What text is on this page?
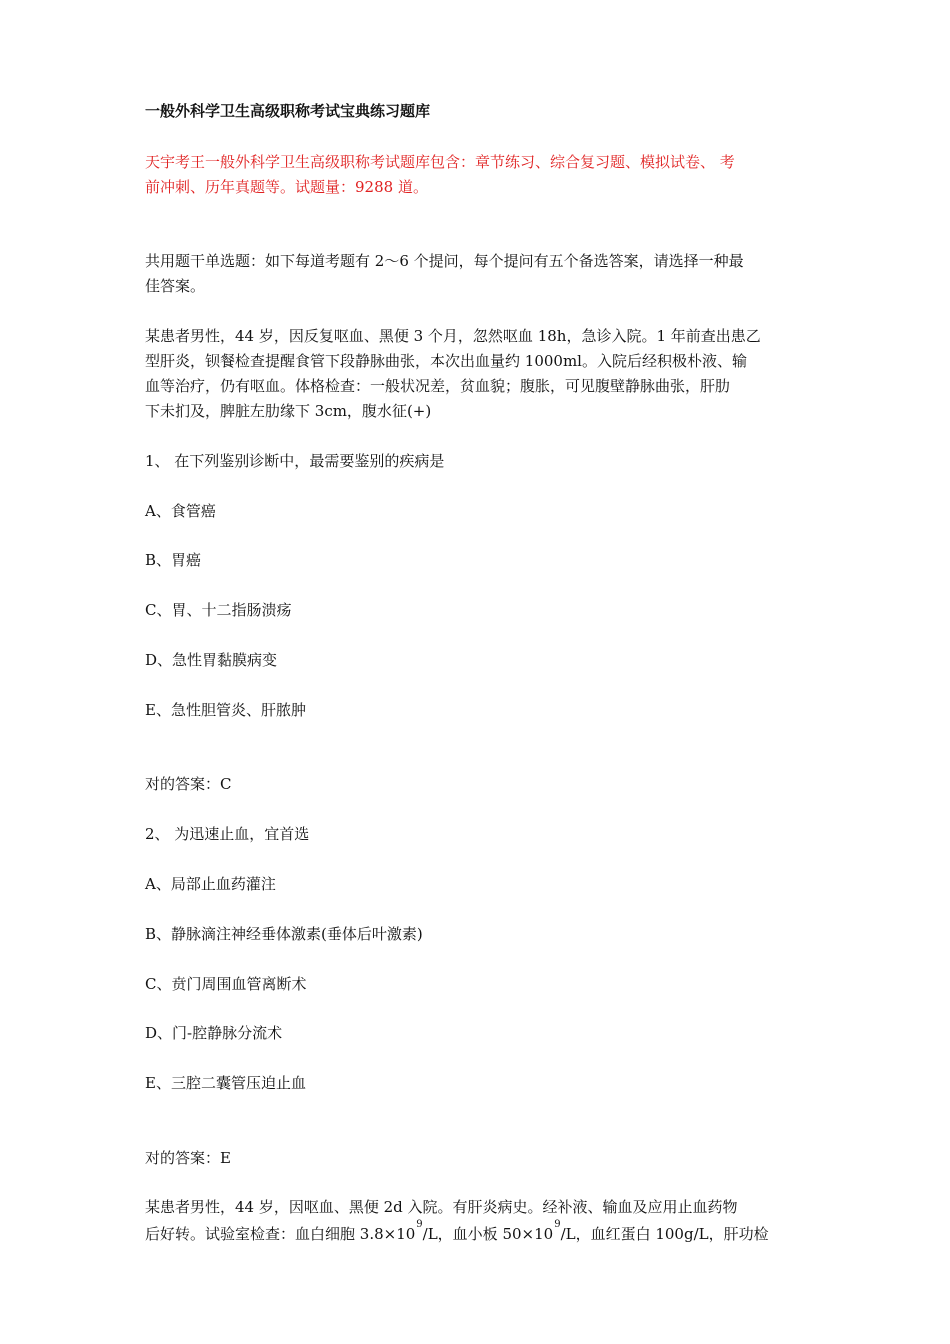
一般外科学卫生高级职称考试宝典练习题库
天宇考王一般外科学卫生高级职称考试题库包含：章节练习、综合复习题、模拟试卷、 考
前冲刺、历年真题等。试题量：9288 道。
共用题干单选题：如下每道考题有 2～6 个提问，每个提问有五个备选答案，请选择一种最
佳答案。
某患者男性，44 岁，因反复呕血、黑便 3 个月，忽然呕血 18h，急诊入院。1 年前查出患乙
型肝炎，钡餐检查提醒食管下段静脉曲张，本次出血量约 1000ml。入院后经积极朴液、输
血等治疗，仍有呕血。体格检查：一般状况差，贫血貌；腹胀，可见腹壁静脉曲张，肝肋
下未扪及，脾脏左肋缘下 3cm，腹水征(+)
1、 在下列鉴别诊断中，最需要鉴别的疾病是
A、食管癌
B、胃癌
C、胃、十二指肠溃疡
D、急性胃黏膜病变
E、急性胆管炎、肝脓肿
对的答案：C
2、 为迅速止血，宜首选
A、局部止血药灌注
B、静脉滴注神经垂体激素(垂体后叶激素)
C、贲门周围血管离断术
D、门-腔静脉分流术
E、三腔二囊管压迫止血
对的答案：E
某患者男性，44 岁，因呕血、黑便 2d 入院。有肝炎病史。经补液、输血及应用止血药物
后好转。试验室检查：血白细胞 $3.8\times 10^9/L$，血小板 $50\times 10^9/L$，血红蛋白 100g/L，肝功检
